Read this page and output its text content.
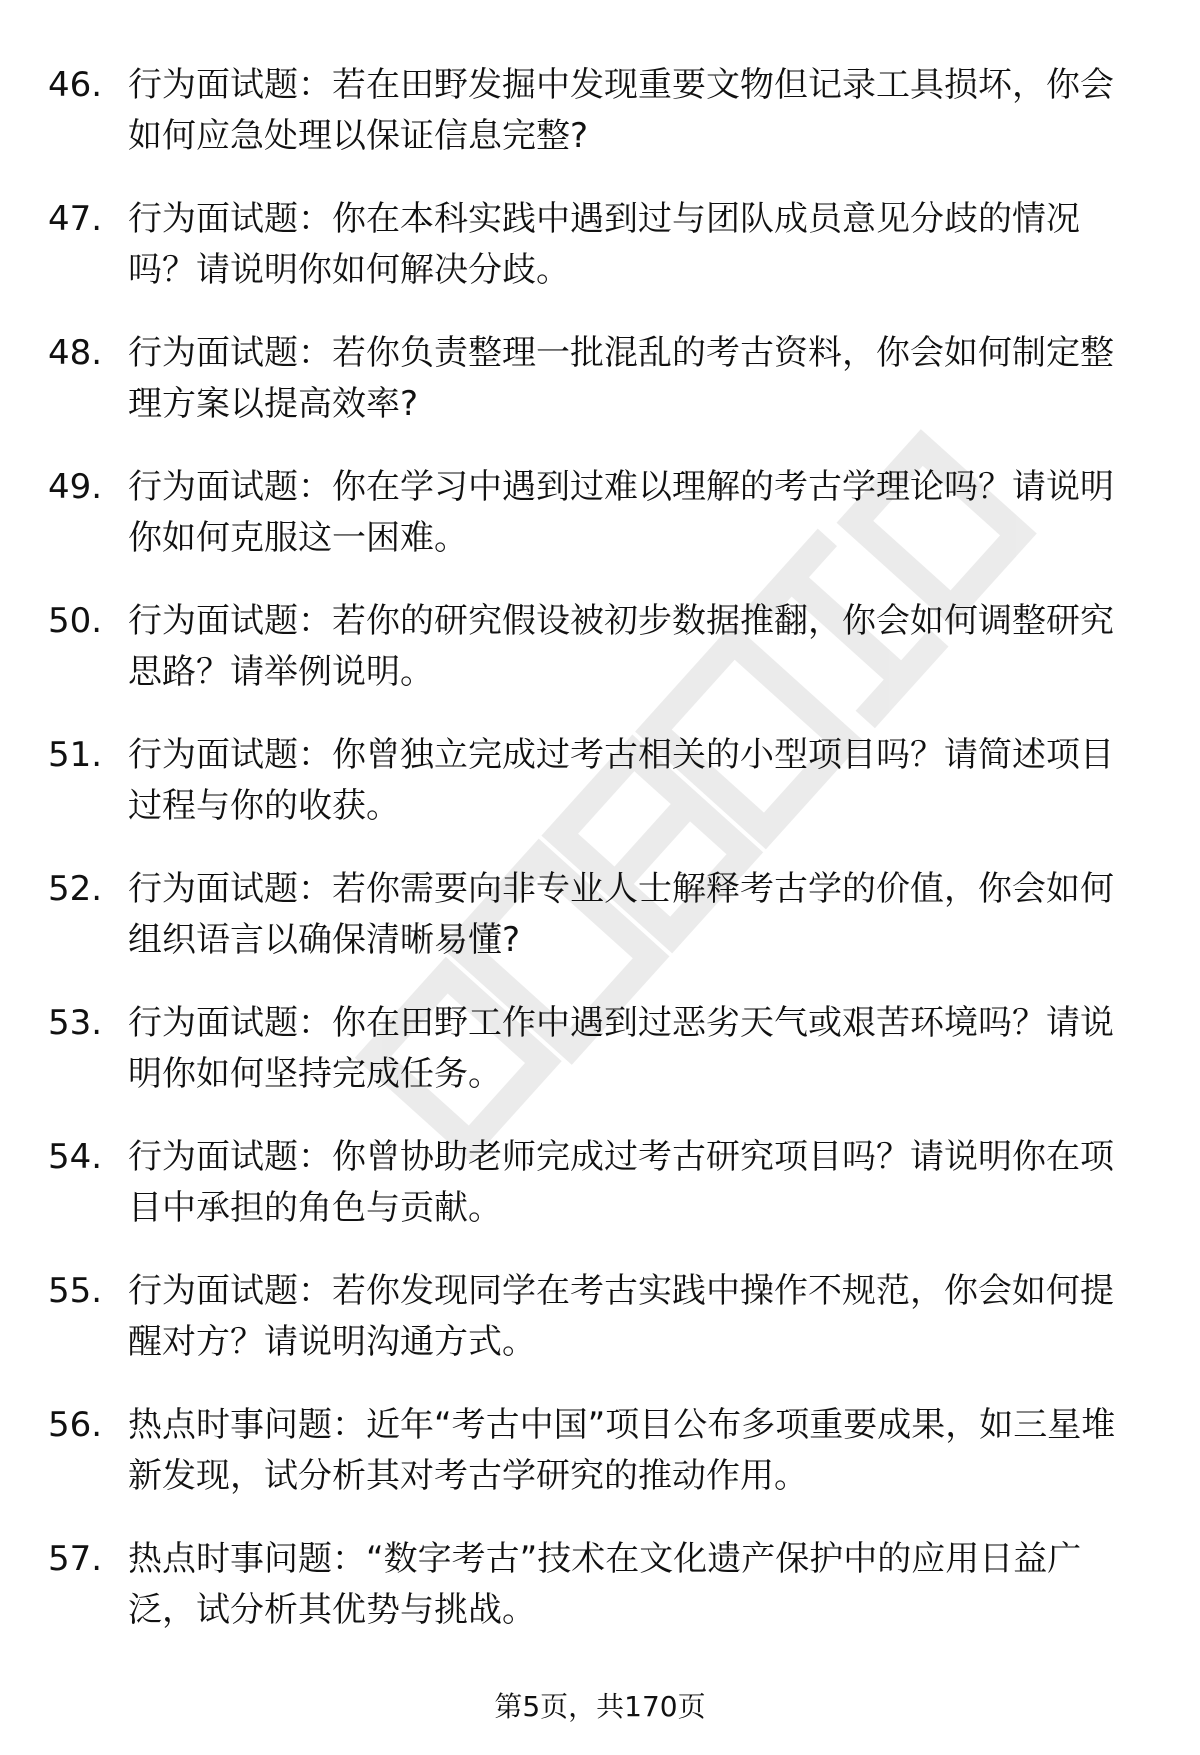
46. 行为面试题：若在田野发掘中发现重要文物但记录工具损坏，你会如何应急处理以保证信息完整?
47. 行为面试题：你在本科实践中遇到过与团队成员意见分歧的情况吗？请说明你如何解决分歧。
48. 行为面试题：若你负责整理一批混乱的考古资料，你会如何制定整理方案以提高效率?
49. 行为面试题：你在学习中遇到过难以理解的考古学理论吗？请说明你如何克服这一困难。
50. 行为面试题：若你的研究假设被初步数据推翻，你会如何调整研究思路？请举例说明。
51. 行为面试题：你曾独立完成过考古相关的小型项目吗？请简述项目过程与你的收获。
52. 行为面试题：若你需要向非专业人士解释考古学的价值，你会如何组织语言以确保清晰易懂?
53. 行为面试题：你在田野工作中遇到过恶劣天气或艰苦环境吗？请说明你如何坚持完成任务。
54. 行为面试题：你曾协助老师完成过考古研究项目吗？请说明你在项目中承担的角色与贡献。
55. 行为面试题：若你发现同学在考古实践中操作不规范，你会如何提醒对方？请说明沟通方式。
56. 热点时事问题：近年“考古中国”项目公布多项重要成果，如三星堆新发现，试分析其对考古学研究的推动作用。
57. 热点时事问题：“数字考古”技术在文化遗产保护中的应用日益广泛，试分析其优势与挑战。
第5页，共170页
